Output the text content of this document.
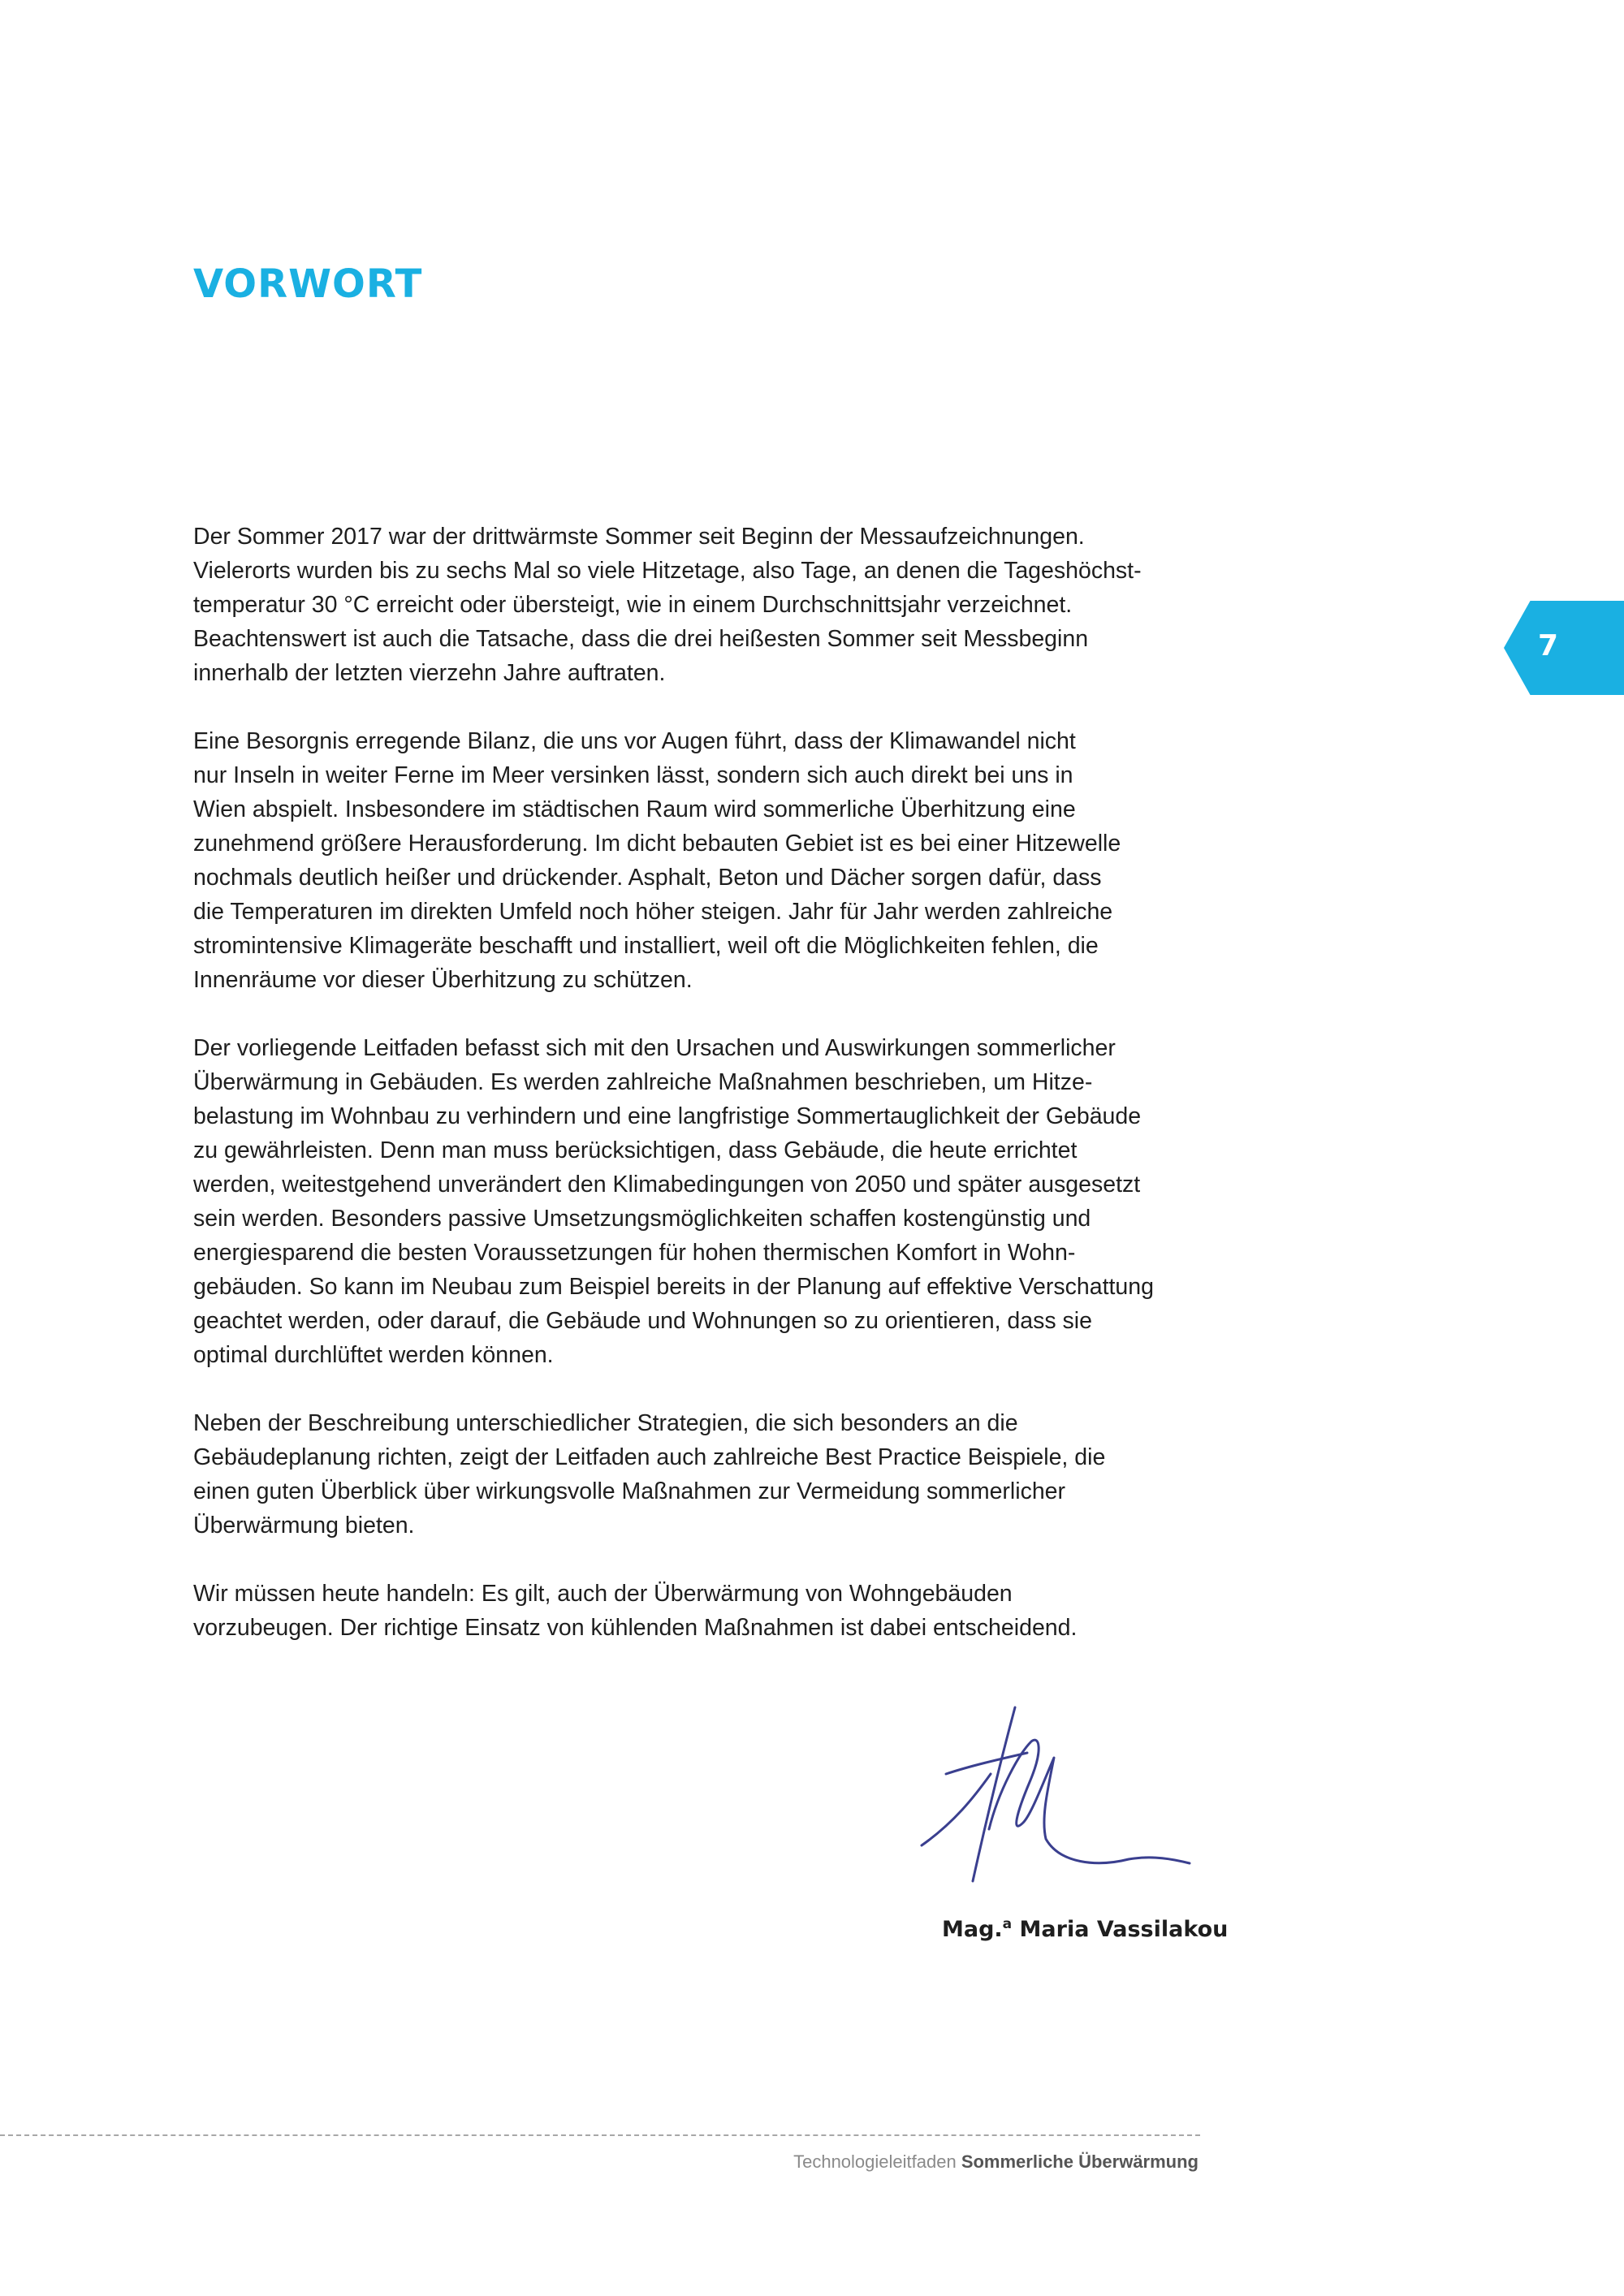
VORWORT
7

Der Sommer 2017 war der drittwärmste Sommer seit Beginn der Messaufzeichnungen.
Vielerorts wurden bis zu sechs Mal so viele Hitzetage, also Tage, an denen die Tageshöchst-
temperatur 30 °C erreicht oder übersteigt, wie in einem Durchschnittsjahr verzeichnet.
Beachtenswert ist auch die Tatsache, dass die drei heißesten Sommer seit Messbeginn
innerhalb der letzten vierzehn Jahre auftraten.

Eine Besorgnis erregende Bilanz, die uns vor Augen führt, dass der Klimawandel nicht
nur Inseln in weiter Ferne im Meer versinken lässt, sondern sich auch direkt bei uns in
Wien abspielt. Insbesondere im städtischen Raum wird sommerliche Überhitzung eine
zunehmend größere Herausforderung. Im dicht bebauten Gebiet ist es bei einer Hitzewelle
nochmals deutlich heißer und drückender. Asphalt, Beton und Dächer sorgen dafür, dass
die Temperaturen im direkten Umfeld noch höher steigen. Jahr für Jahr werden zahlreiche
stromintensive Klimageräte beschafft und installiert, weil oft die Möglichkeiten fehlen, die
Innenräume vor dieser Überhitzung zu schützen.

Der vorliegende Leitfaden befasst sich mit den Ursachen und Auswirkungen sommerlicher
Überwärmung in Gebäuden. Es werden zahlreiche Maßnahmen beschrieben, um Hitze-
belastung im Wohnbau zu verhindern und eine langfristige Sommertauglichkeit der Gebäude
zu gewährleisten. Denn man muss berücksichtigen, dass Gebäude, die heute errichtet
werden, weitestgehend unverändert den Klimabedingungen von 2050 und später ausgesetzt
sein werden. Besonders passive Umsetzungsmöglichkeiten schaffen kostengünstig und
energiesparend die besten Voraussetzungen für hohen thermischen Komfort in Wohn-
gebäuden. So kann im Neubau zum Beispiel bereits in der Planung auf effektive Verschattung
geachtet werden, oder darauf, die Gebäude und Wohnungen so zu orientieren, dass sie
optimal durchlüftet werden können.

Neben der Beschreibung unterschiedlicher Strategien, die sich besonders an die
Gebäudeplanung richten, zeigt der Leitfaden auch zahlreiche Best Practice Beispiele, die
einen guten Überblick über wirkungsvolle Maßnahmen zur Vermeidung sommerlicher
Überwärmung bieten.

Wir müssen heute handeln: Es gilt, auch der Überwärmung von Wohngebäuden
vorzubeugen. Der richtige Einsatz von kühlenden Maßnahmen ist dabei entscheidend.

Mag.$^a$ Maria Vassilakou
Technologieleitfaden Sommerliche Überwärmung
